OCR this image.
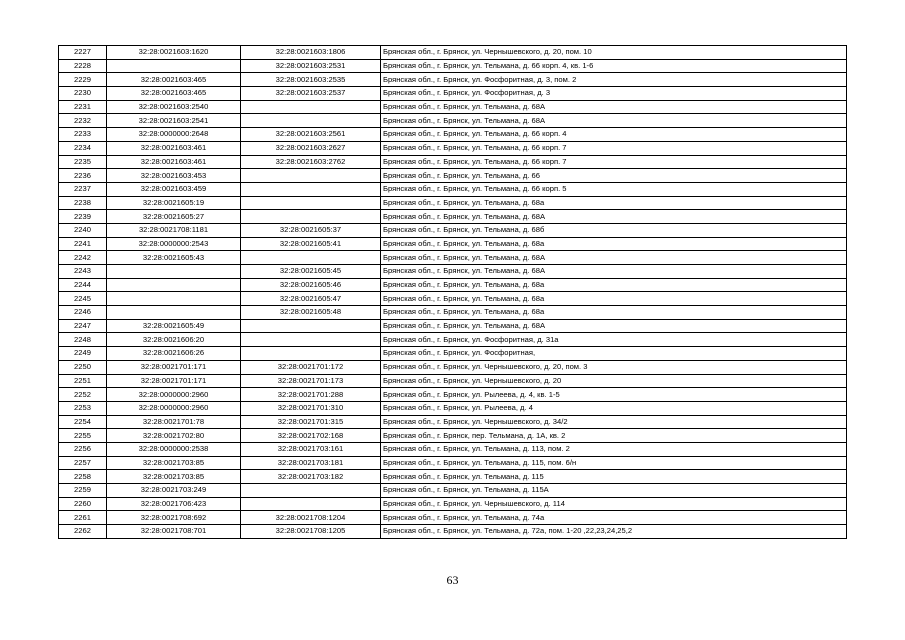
2227	32:28:0021603:1620	32:28:0021603:1806	Брянская обл., г. Брянск, ул. Чернышевского, д. 20, пом. 10
2228		32:28:0021603:2531	Брянская обл., г. Брянск, ул. Тельмана, д. 66 корп. 4, кв. 1-6
2229	32:28:0021603:465	32:28:0021603:2535	Брянская обл., г. Брянск, ул. Фосфоритная, д. 3, пом. 2
2230	32:28:0021603:465	32:28:0021603:2537	Брянская обл., г. Брянск, ул. Фосфоритная, д. 3
2231	32:28:0021603:2540		Брянская обл., г. Брянск, ул. Тельмана, д. 68А
2232	32:28:0021603:2541		Брянская обл., г. Брянск, ул. Тельмана, д. 68А
2233	32:28:0000000:2648	32:28:0021603:2561	Брянская обл., г. Брянск, ул. Тельмана, д. 66 корп. 4
2234	32:28:0021603:461	32:28:0021603:2627	Брянская обл., г. Брянск, ул. Тельмана, д. 66 корп. 7
2235	32:28:0021603:461	32:28:0021603:2762	Брянская обл., г. Брянск, ул. Тельмана, д. 66 корп. 7
2236	32:28:0021603:453		Брянская обл., г. Брянск, ул. Тельмана, д. 66
2237	32:28:0021603:459		Брянская обл., г. Брянск, ул. Тельмана, д. 66 корп. 5
2238	32:28:0021605:19		Брянская обл., г. Брянск, ул. Тельмана, д. 68а
2239	32:28:0021605:27		Брянская обл., г. Брянск, ул. Тельмана, д. 68А
2240	32:28:0021708:1181	32:28:0021605:37	Брянская обл., г. Брянск, ул. Тельмана, д. 68б
2241	32:28:0000000:2543	32:28:0021605:41	Брянская обл., г. Брянск, ул. Тельмана, д. 68а
2242	32:28:0021605:43		Брянская обл., г. Брянск, ул. Тельмана, д. 68А
2243		32:28:0021605:45	Брянская обл., г. Брянск, ул. Тельмана, д. 68А
2244		32:28:0021605:46	Брянская обл., г. Брянск, ул. Тельмана, д. 68а
2245		32:28:0021605:47	Брянская обл., г. Брянск, ул. Тельмана, д. 68а
2246		32:28:0021605:48	Брянская обл., г. Брянск, ул. Тельмана, д. 68а
2247	32:28:0021605:49		Брянская обл., г. Брянск, ул. Тельмана, д. 68А
2248	32:28:0021606:20		Брянская обл., г. Брянск, ул. Фосфоритная, д. 31а
2249	32:28:0021606:26		Брянская обл., г. Брянск, ул. Фосфоритная,
2250	32:28:0021701:171	32:28:0021701:172	Брянская обл., г. Брянск, ул. Чернышевского, д. 20, пом. 3
2251	32:28:0021701:171	32:28:0021701:173	Брянская обл., г. Брянск, ул. Чернышевского, д. 20
2252	32:28:0000000:2960	32:28:0021701:288	Брянская обл., г. Брянск, ул. Рылеева, д. 4, кв. 1-5
2253	32:28:0000000:2960	32:28:0021701:310	Брянская обл., г. Брянск, ул. Рылеева, д. 4
2254	32:28:0021701:78	32:28:0021701:315	Брянская обл., г. Брянск, ул. Чернышевского, д. 34/2
2255	32:28:0021702:80	32:28:0021702:168	Брянская обл., г. Брянск, пер. Тельмана, д. 1А, кв. 2
2256	32:28:0000000:2538	32:28:0021703:161	Брянская обл., г. Брянск, ул. Тельмана, д. 113, пом. 2
2257	32:28:0021703:85	32:28:0021703:181	Брянская обл., г. Брянск, ул. Тельмана, д. 115, пом. 6/н
2258	32:28:0021703:85	32:28:0021703:182	Брянская обл., г. Брянск, ул. Тельмана, д. 115
2259	32:28:0021703:249		Брянская обл., г. Брянск, ул. Тельмана, д. 115А
2260	32:28:0021706:423		Брянская обл., г. Брянск, ул. Чернышевского, д. 114
2261	32:28:0021708:692	32:28:0021708:1204	Брянская обл., г. Брянск, ул. Тельмана, д. 74а
2262	32:28:0021708:701	32:28:0021708:1205	Брянская обл., г. Брянск, ул. Тельмана, д. 72а, пом. 1-20 ,22,23,24,25,2
63
